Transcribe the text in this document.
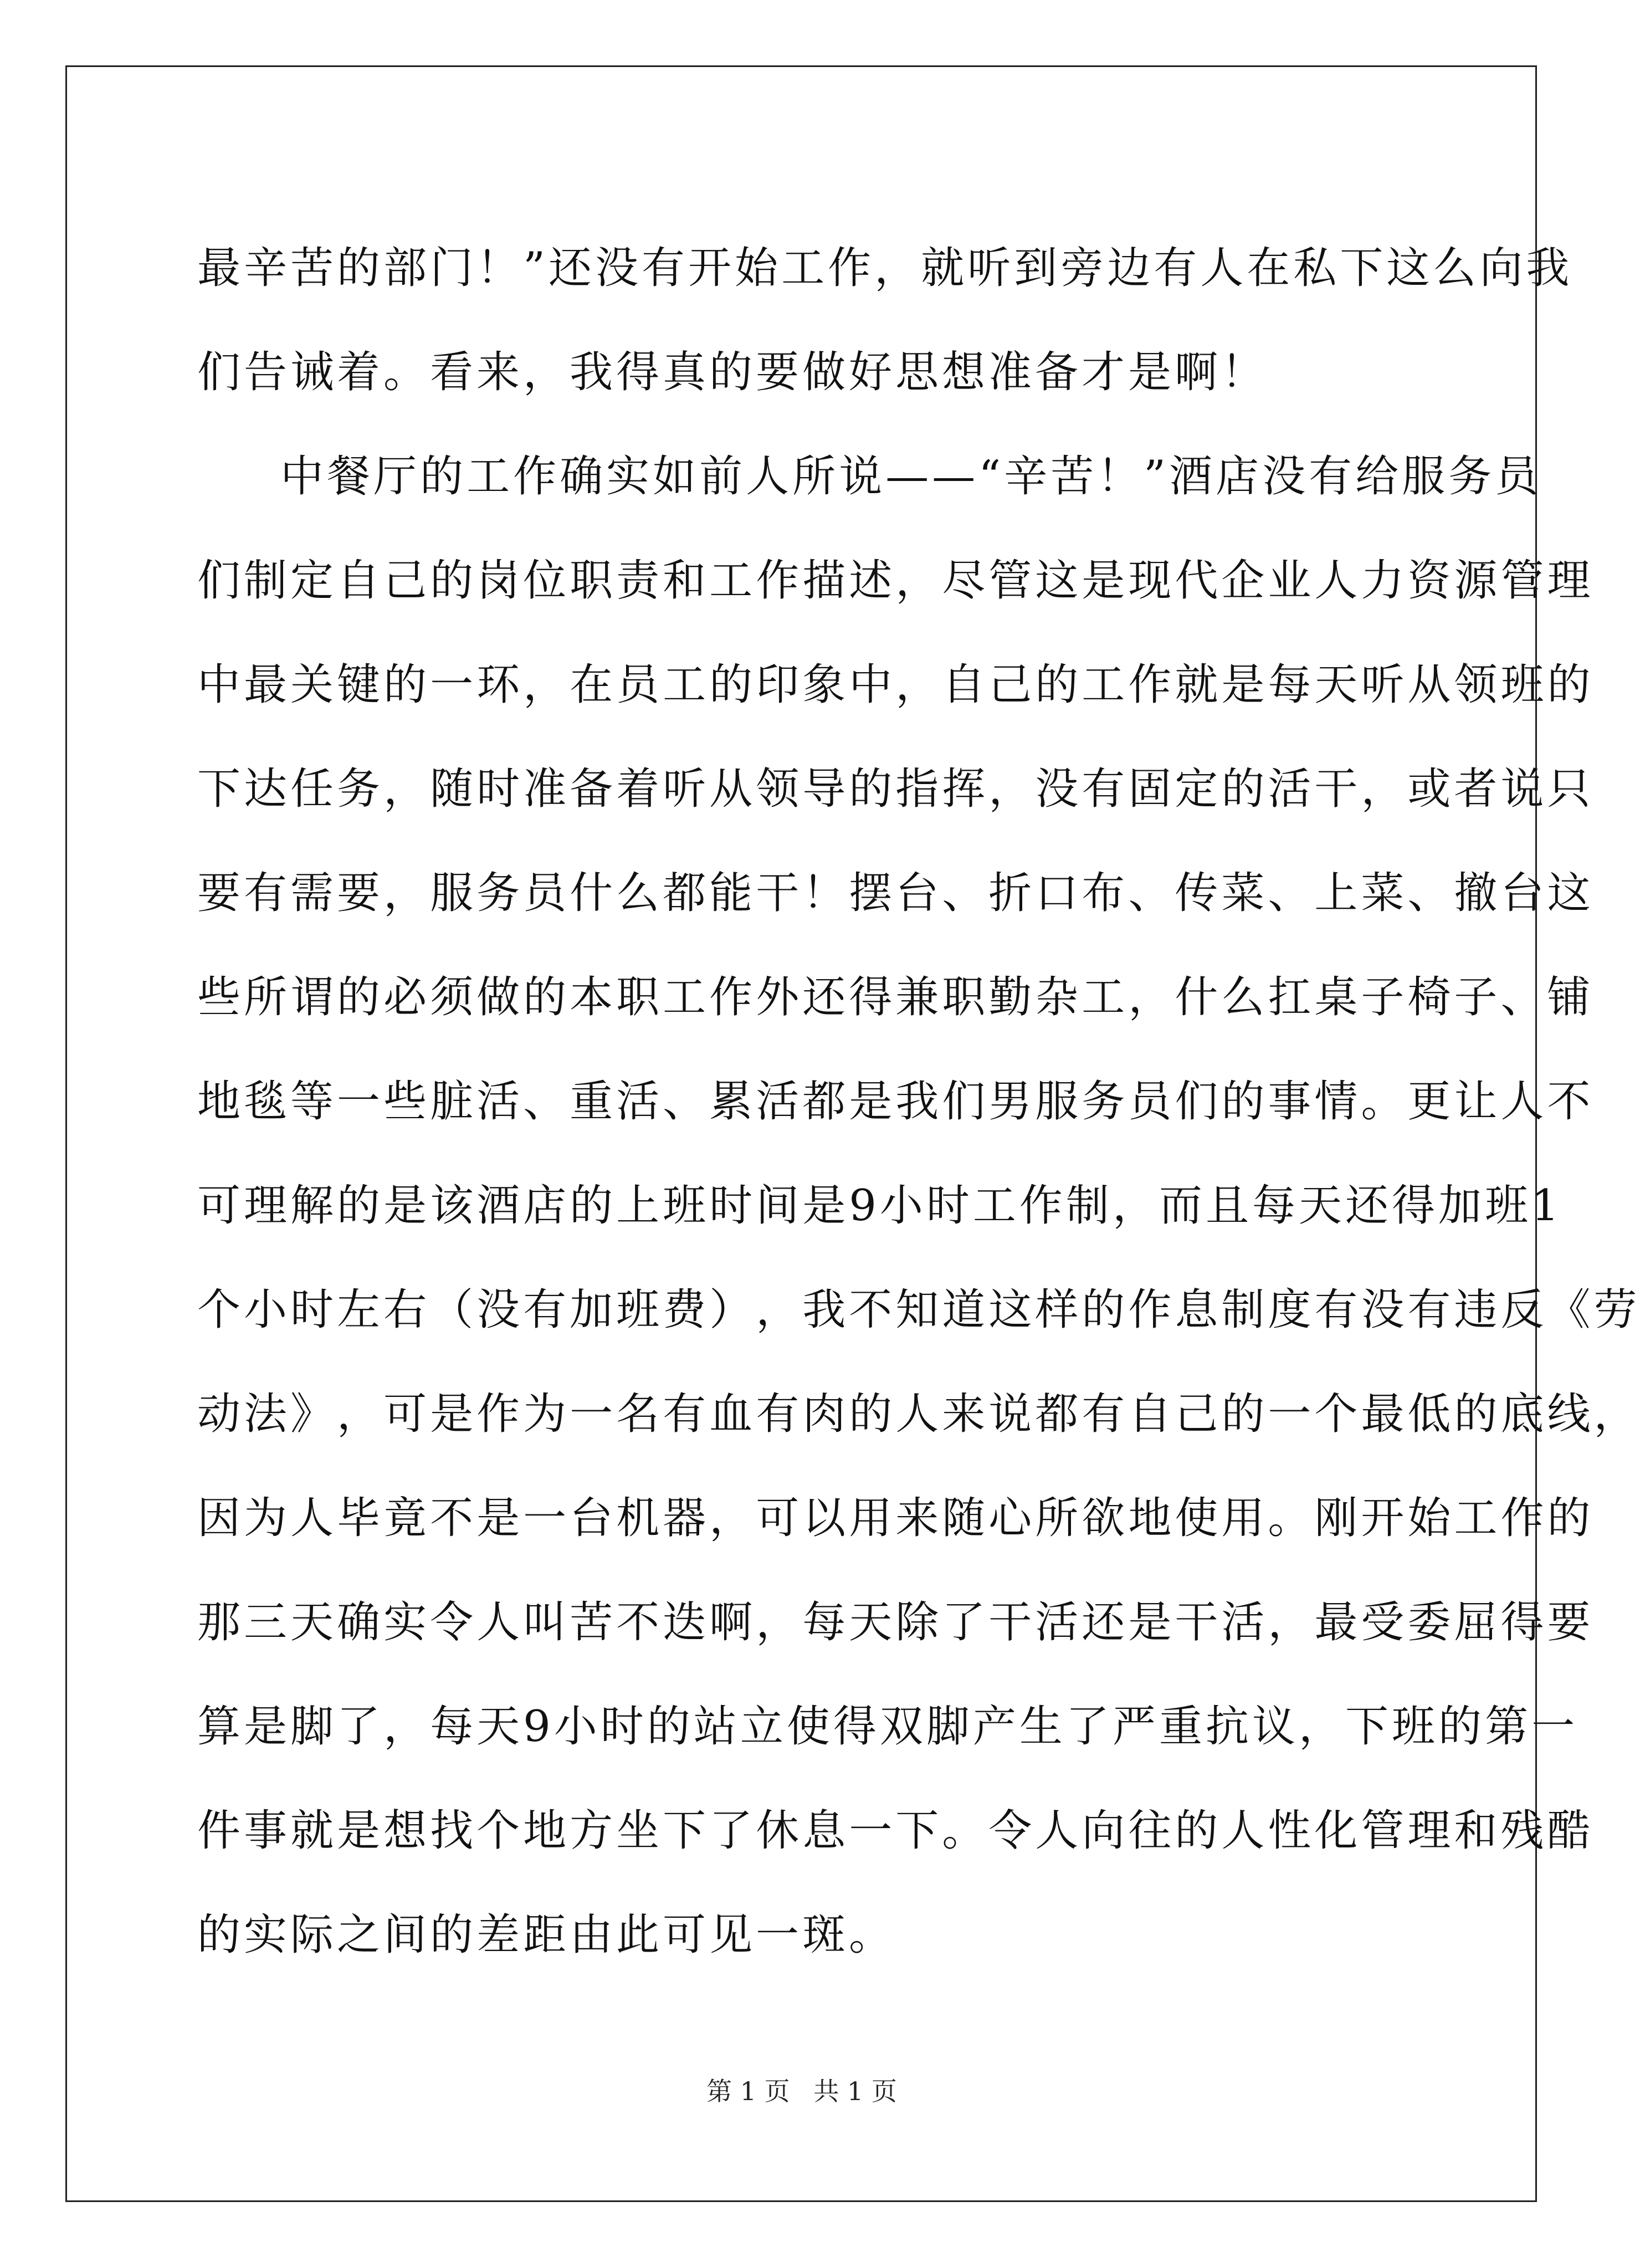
最 辛 苦 的 部 门 ！ ” 还 没 有 开 始 工 作 ， 就 听 到 旁 边 有 人 在 私 下 这 么 向 我
们告诫着。看来，我得真的要做好思想准备才是啊！
中 餐 厅 的 工 作 确 实 如 前 人 所 说 — — “ 辛 苦 ！ ” 酒 店 没 有 给 服 务 员
们 制 定 自 己 的 岗 位 职 责 和 工 作 描 述 ， 尽 管 这 是 现 代 企 业 人 力 资 源 管 理
中 最 关 键 的 一 环 ， 在 员 工 的 印 象 中 ， 自 己 的 工 作 就 是 每 天 听 从 领 班 的
下 达 任 务 ， 随 时 准 备 着 听 从 领 导 的 指 挥 ， 没 有 固 定 的 活 干 ， 或 者 说 只
要 有 需 要 ， 服 务 员 什 么 都 能 干 ！ 摆 台 、 折 口 布 、 传 菜 、 上 菜 、 撤 台 这
些 所 谓 的 必 须 做 的 本 职 工 作 外 还 得 兼 职 勤 杂 工 ， 什 么 扛 桌 子 椅 子 、 铺
地 毯 等 一 些 脏 活 、 重 活 、 累 活 都 是 我 们 男 服 务 员 们 的 事 情 。 更 让 人 不
可 理 解 的 是 该 酒 店 的 上 班 时 间 是 9 小 时 工 作 制 ， 而 且 每 天 还 得 加 班 1
个 小 时 左 右 （ 没 有 加 班 费 ） ， 我 不 知 道 这 样 的 作 息 制 度 有 没 有 违 反 《 劳
动 法 》 ， 可 是 作 为 一 名 有 血 有 肉 的 人 来 说 都 有 自 己 的 一 个 最 低 的 底 线 ，
因 为 人 毕 竟 不 是 一 台 机 器 ， 可 以 用 来 随 心 所 欲 地 使 用 。 刚 开 始 工 作 的
那 三 天 确 实 令 人 叫 苦 不 迭 啊 ， 每 天 除 了 干 活 还 是 干 活 ， 最 受 委 屈 得 要
算 是 脚 了 ， 每 天 9 小 时 的 站 立 使 得 双 脚 产 生 了 严 重 抗 议 ， 下 班 的 第 一
件 事 就 是 想 找 个 地 方 坐 下 了 休 息 一 下 。 令 人 向 往 的 人 性 化 管 理 和 残 酷
的实际之间的差距由此可见一斑。
第 1 页 共 1 页
